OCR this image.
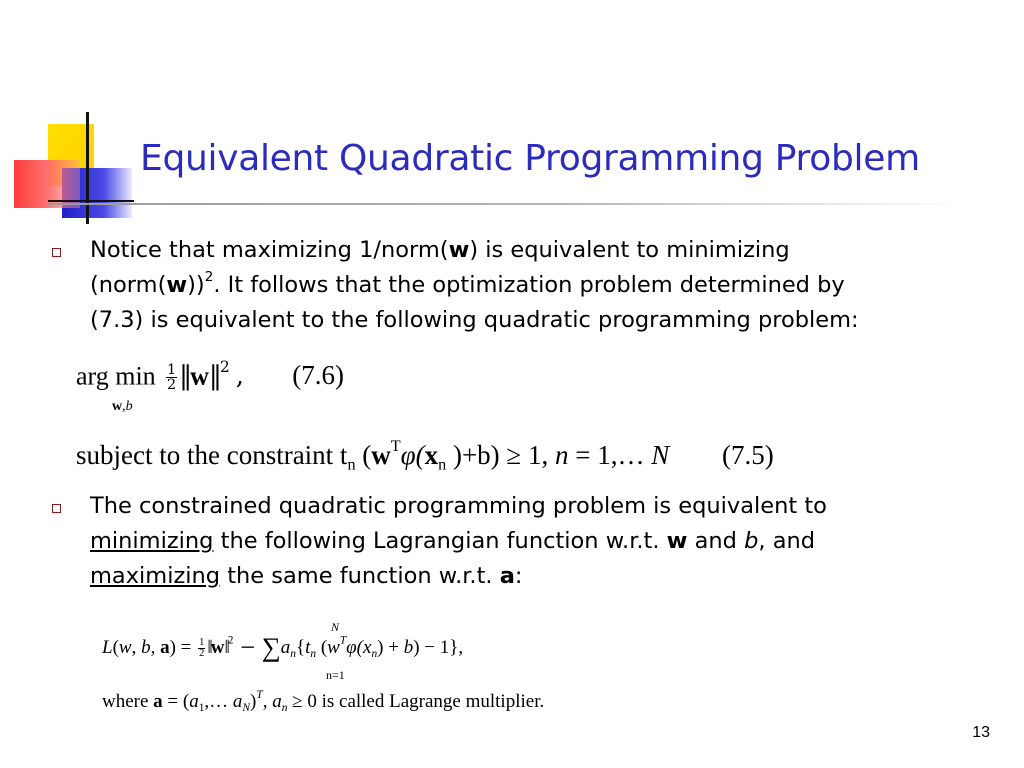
Equivalent Quadratic Programming Problem

Notice that maximizing 1/norm(w) is equivalent to minimizing

(norm(w))$^2$. It follows that the optimization problem determined by

(7.3) is equivalent to the following quadratic programming problem:

arg $\min \frac{1}{2}$ ‖w‖$^2$ , (7.6)
w,b
subject to the constraint $t_n$ ($w^T\varphi(x_n$ )+b) ≥ 1, n = 1,… N (7.5)

The constrained quadratic programming problem is equivalent to

minimizing the following Lagrangian function w.r.t. w and b, and

maximizing the same function w.r.t. a:

L(w, b, $a) = \frac{1}{2}$ ‖w‖$^2$ − $\sum a_n\{t_n$ $(w^T\varphi(x_n) + b) - 1$},
N
n=1
where $a = (a_1,\dots$ $a_N)^T$, $a_n \ge 0$ is called Lagrange multiplier.
13
